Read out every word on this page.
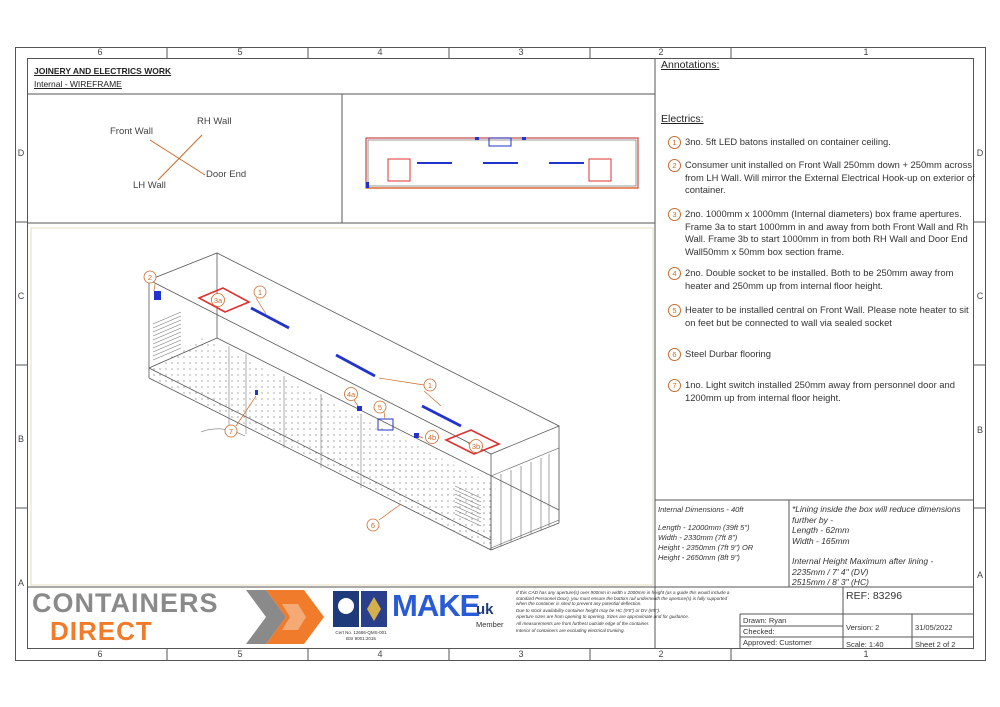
6	5	4	3	2	1
6	5	4	3	2	1
D
C
B
A
D
C
B
A
JOINERY AND ELECTRICS WORK
Internal - WIREFRAME
Front Wall
RH Wall
LH Wall
Door End
2
1
3a
1
4a
5
4b
3b
7
6
Annotations:
Electrics:
1 3no. 5ft LED batons installed on container ceiling.
2 Consumer unit installed on Front Wall 250mm down + 250mm across from LH Wall. Will mirror the External Electrical Hook-up on exterior of container.
3 2no. 1000mm x 1000mm (Internal diameters) box frame apertures. Frame 3a to start 1000mm in and away from both Front Wall and Rh Wall. Frame 3b to start 1000mm in from both RH Wall and Door End Wall50mm x 50mm box section frame.
4 2no. Double socket to be installed. Both to be 250mm away from heater and 250mm up from internal floor height.
5 Heater to be installed central on Front Wall. Please note heater to sit on feet but be connected to wall via sealed socket
6 Steel Durbar flooring
7 1no. Light switch installed 250mm away from personnel door and 1200mm up from internal floor height.
Internal Dimensions - 40ft
Length - 12000mm (39ft 5")
Width - 2330mm (7ft 8")
Height - 2350mm (7ft 9") OR
Height - 2650mm (8ft 9")
*Lining inside the box will reduce dimensions further by -
Length - 62mm
Width - 165mm
Internal Height Maximum after lining -
2235mm / 7' 4" (DV)
2515mm / 8' 3" (HC)
CONTAINERS
DIRECT	Cert No. 12686-QMS-001
BSI 9001:2015
MAKE
uk
Member
If this CAD has any aperture(s) over 900mm in width x 2000mm in height (as a guide this would include a standard Personnel Door), you must ensure the bottom rail underneath the aperture(s) is fully supported when the container is sited to prevent any potential deflection.
Due to stock availability container height may be HC (9'6") or DV (8'6").
Aperture sizes are from opening to opening. Sizes are approximate and for guidance.
All measurements are from furthest outside edge of the container.
Interior of containers are excluding electrical trunking.
Drawn: Ryan
Checked:
Approved: Customer
REF: 83296
Version: 2	31/05/2022
Scale: 1:40	Sheet 2 of 2
